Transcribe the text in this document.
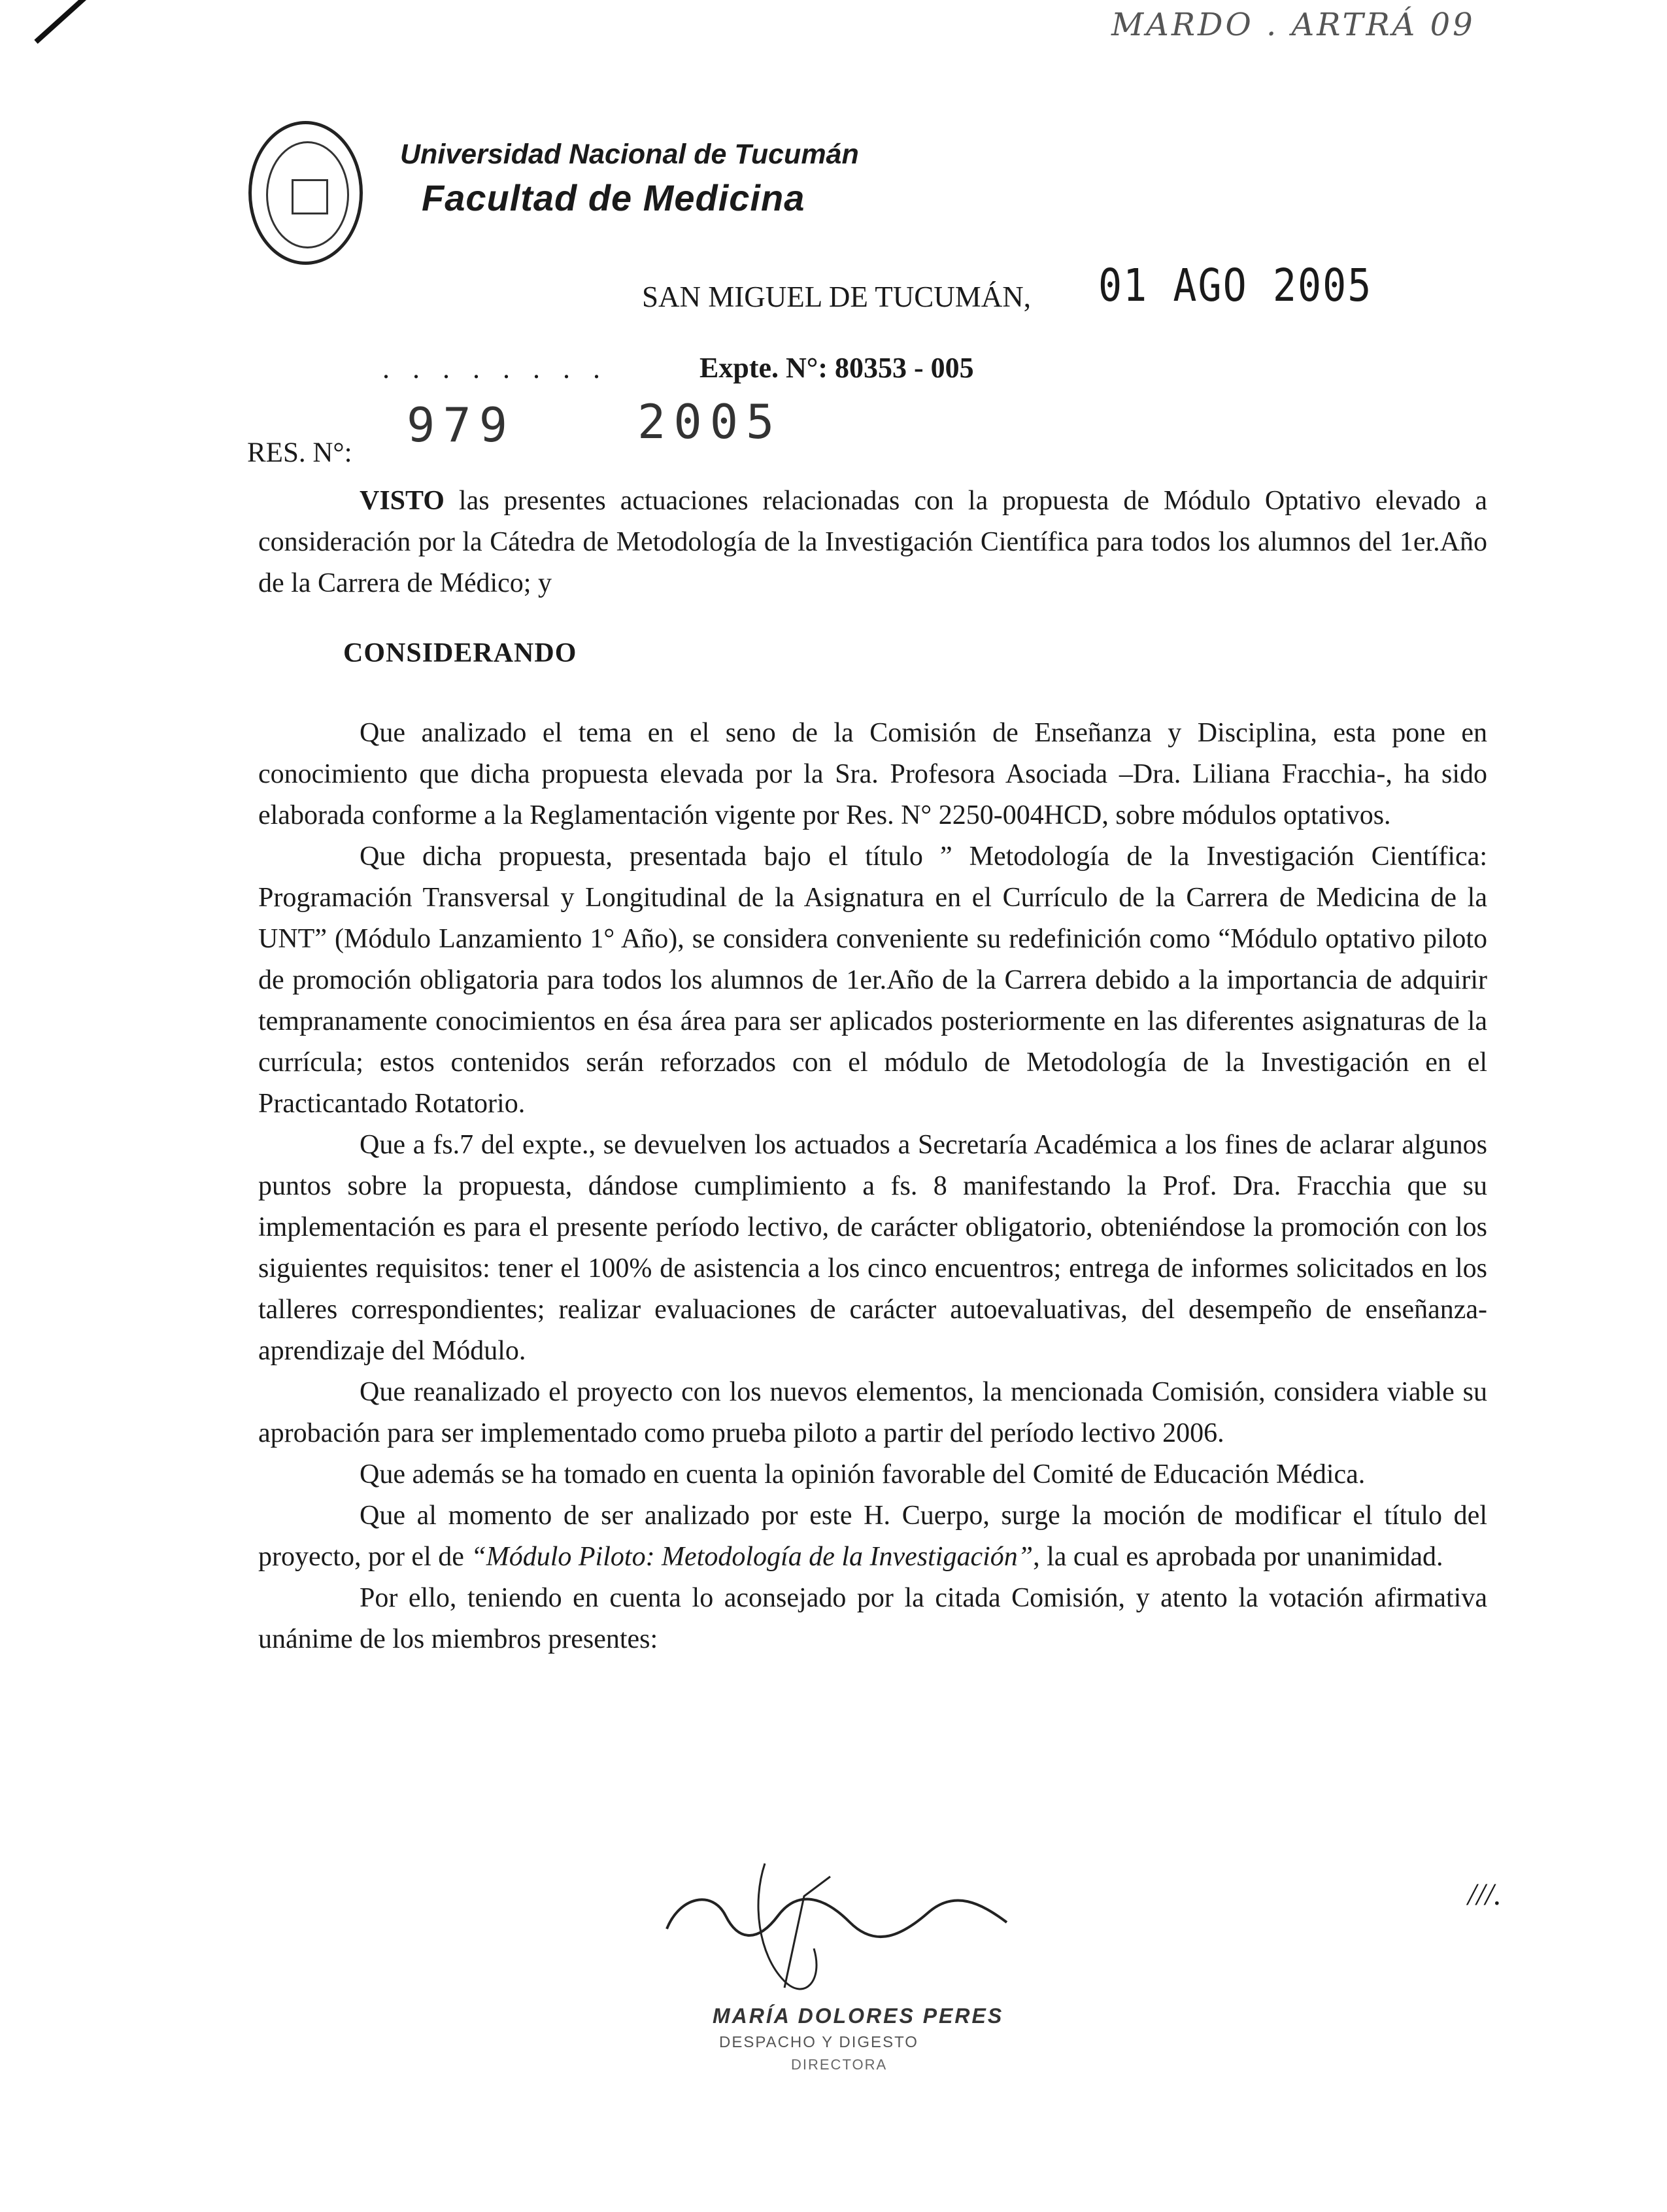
MARDO . ARTRÁ 09
Universidad Nacional de Tucumán
Facultad de Medicina
SAN MIGUEL DE TUCUMÁN, 01 AGO 2005
. . . . . . . .	Expte. N°: 80353 - 005
RES. N°:
979	2005

VISTO las presentes actuaciones relacionadas con la propuesta de Módulo Optativo elevado a consideración por la Cátedra de Metodología de la Investigación Científica para todos los alumnos del 1er.Año de la Carrera de Médico; y

CONSIDERANDO

Que analizado el tema en el seno de la Comisión de Enseñanza y Disciplina, esta pone en conocimiento que dicha propuesta elevada por la Sra. Profesora Asociada –Dra. Liliana Fracchia-, ha sido elaborada conforme a la Reglamentación vigente por Res. N° 2250-004HCD, sobre módulos optativos.

Que dicha propuesta, presentada bajo el título ” Metodología de la Investigación Científica: Programación Transversal y Longitudinal de la Asignatura en el Currículo de la Carrera de Medicina de la UNT” (Módulo Lanzamiento 1° Año), se considera conveniente su redefinición como “Módulo optativo piloto de promoción obligatoria para todos los alumnos de 1er.Año de la Carrera debido a la importancia de adquirir tempranamente conocimientos en ésa área para ser aplicados posteriormente en las diferentes asignaturas de la currícula; estos contenidos serán reforzados con el módulo de Metodología de la Investigación en el Practicantado Rotatorio.

Que a fs.7 del expte., se devuelven los actuados a Secretaría Académica a los fines de aclarar algunos puntos sobre la propuesta, dándose cumplimiento a fs. 8 manifestando la Prof. Dra. Fracchia que su implementación es para el presente período lectivo, de carácter obligatorio, obteniéndose la promoción con los siguientes requisitos: tener el 100% de asistencia a los cinco encuentros; entrega de informes solicitados en los talleres correspondientes; realizar evaluaciones de carácter autoevaluativas, del desempeño de enseñanza-aprendizaje del Módulo.

Que reanalizado el proyecto con los nuevos elementos, la mencionada Comisión, considera viable su aprobación para ser implementado como prueba piloto a partir del período lectivo 2006.

Que además se ha tomado en cuenta la opinión favorable del Comité de Educación Médica.

Que al momento de ser analizado por este H. Cuerpo, surge la moción de modificar el título del proyecto, por el de “Módulo Piloto: Metodología de la Investigación”, la cual es aprobada por unanimidad.

Por ello, teniendo en cuenta lo aconsejado por la citada Comisión, y atento la votación afirmativa unánime de los miembros presentes:

MARÍA DOLORES PERES
DESPACHO Y DIGESTO
DIRECTORA
///.
